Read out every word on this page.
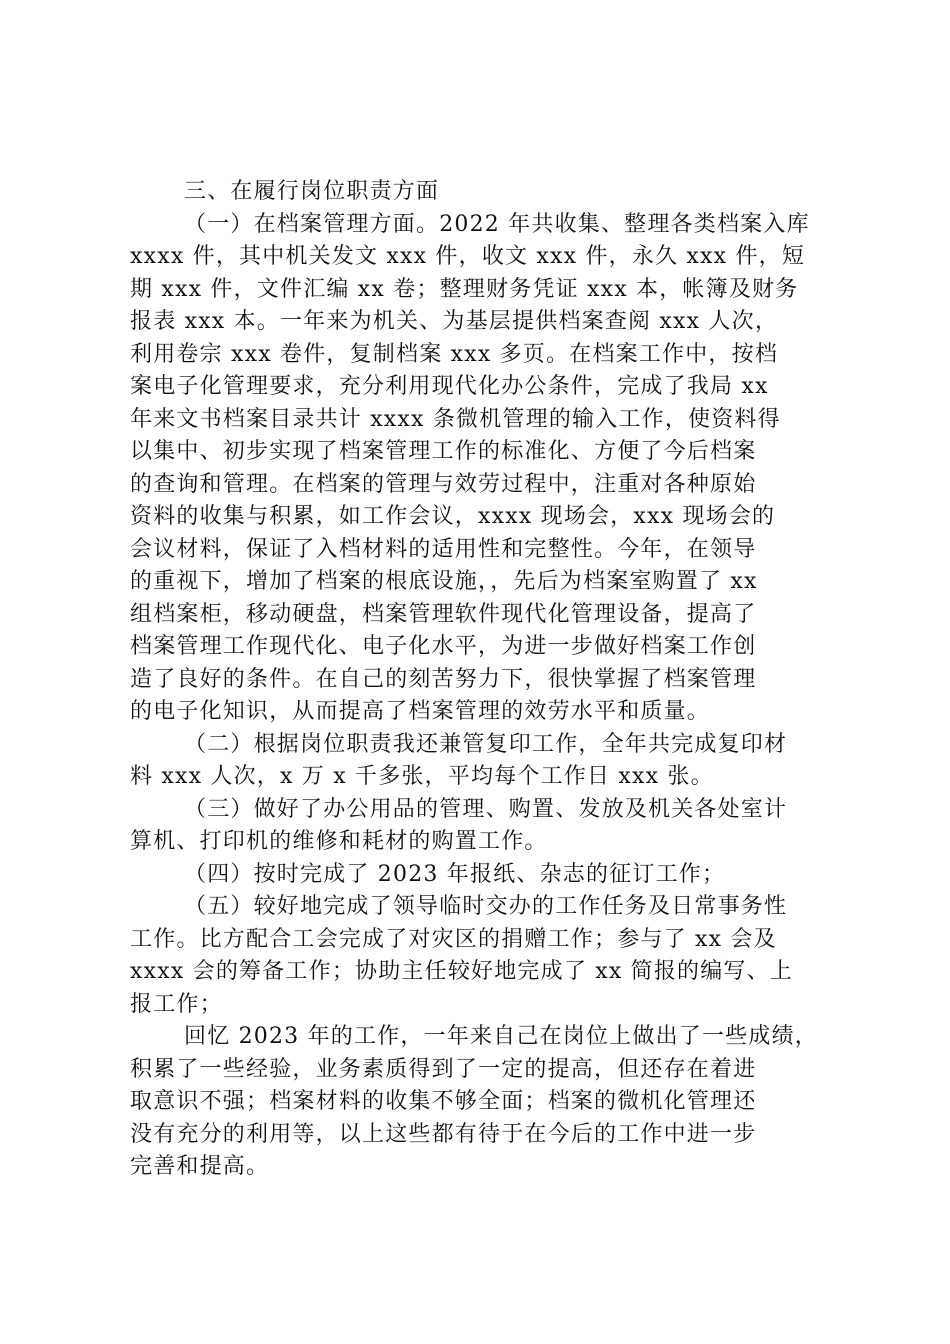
三、在履行岗位职责方面
（一）在档案管理方面。2022 年共收集、整理各类档案入库
xxxx 件，其中机关发文 xxx 件，收文 xxx 件，永久 xxx 件，短
期 xxx 件，文件汇编 xx 卷；整理财务凭证 xxx 本，帐簿及财务
报表 xxx 本。一年来为机关、为基层提供档案查阅 xxx 人次，
利用卷宗 xxx 卷件，复制档案 xxx 多页。在档案工作中，按档
案电子化管理要求，充分利用现代化办公条件，完成了我局 xx
年来文书档案目录共计 xxxx 条微机管理的输入工作，使资料得
以集中、初步实现了档案管理工作的标准化、方便了今后档案
的查询和管理。在档案的管理与效劳过程中，注重对各种原始
资料的收集与积累，如工作会议，xxxx 现场会，xxx 现场会的
会议材料，保证了入档材料的适用性和完整性。今年，在领导
的重视下，增加了档案的根底设施，，先后为档案室购置了 xx
组档案柜，移动硬盘，档案管理软件现代化管理设备，提高了
档案管理工作现代化、电子化水平，为进一步做好档案工作创
造了良好的条件。在自己的刻苦努力下，很快掌握了档案管理
的电子化知识，从而提高了档案管理的效劳水平和质量。
（二）根据岗位职责我还兼管复印工作，全年共完成复印材
料 xxx 人次，x 万 x 千多张，平均每个工作日 xxx 张。
（三）做好了办公用品的管理、购置、发放及机关各处室计
算机、打印机的维修和耗材的购置工作。
（四）按时完成了 2023 年报纸、杂志的征订工作；
（五）较好地完成了领导临时交办的工作任务及日常事务性
工作。比方配合工会完成了对灾区的捐赠工作；参与了 xx 会及
xxxx 会的筹备工作；协助主任较好地完成了 xx 简报的编写、上
报工作；
回忆 2023 年的工作，一年来自己在岗位上做出了一些成绩，
积累了一些经验，业务素质得到了一定的提高，但还存在着进
取意识不强；档案材料的收集不够全面；档案的微机化管理还
没有充分的利用等，以上这些都有待于在今后的工作中进一步
完善和提高。
